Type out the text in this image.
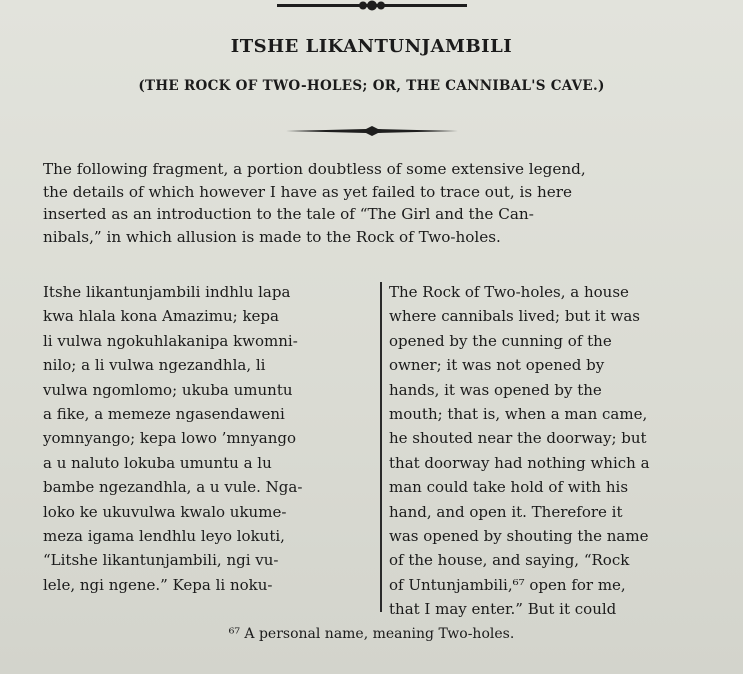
ITSHE LIKANTUNJAMBILI
(THE ROCK OF TWO-HOLES; OR, THE CANNIBAL'S CAVE.)
The following fragment, a portion doubtless of some extensive legend,
the details of which however I have as yet failed to trace out, is here
inserted as an introduction to the tale of “The Girl and the Can-
nibals,” in which allusion is made to the Rock of Two-holes.
Itshe likantunjambili indhlu lapa
kwa hlala kona Amazimu; kepa
li vulwa ngokuhlakanipa kwomni-
nilo; a li vulwa ngezandhla, li
vulwa ngomlomo; ukuba umuntu
a fike, a memeze ngasendaweni
yomnyango; kepa lowo ’mnyango
a u naluto lokuba umuntu a lu
bambe ngezandhla, a u vule. Nga-
loko ke ukuvulwa kwalo ukume-
meza igama lendhlu leyo lokuti,
“Litshe likantunjambili, ngi vu-
lele, ngi ngene.” Kepa li noku-
The Rock of Two-holes, a house
where cannibals lived; but it was
opened by the cunning of the
owner; it was not opened by
hands, it was opened by the
mouth; that is, when a man came,
he shouted near the doorway; but
that doorway had nothing which a
man could take hold of with his
hand, and open it. Therefore it
was opened by shouting the name
of the house, and saying, “Rock
of Untunjambili,⁶⁷ open for me,
that I may enter.” But it could
⁶⁷ A personal name, meaning Two-holes.
